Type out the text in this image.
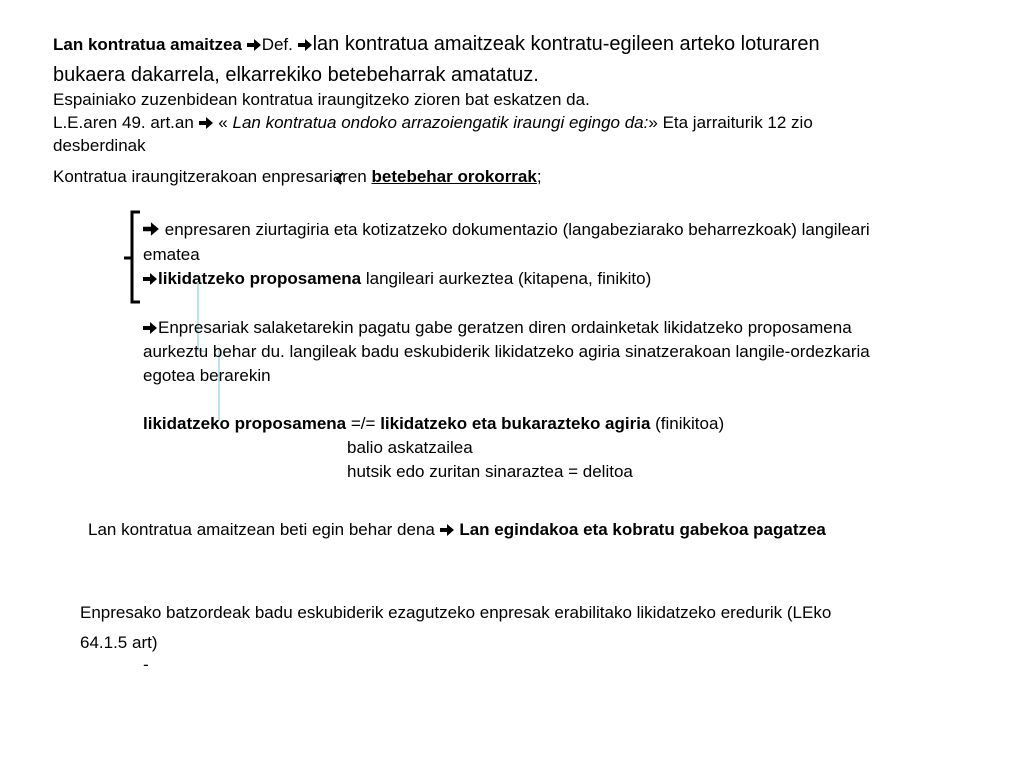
Lan kontratua amaitzea Def. lan kontratua amaitzeak kontratu-egileen arteko loturaren
bukaera dakarrela, elkarrekiko betebeharrak amatatuz.
Espainiako zuzenbidean kontratua iraungitzeko zioren bat eskatzen da.
L.E.aren 49. art.an « Lan kontratua ondoko arrazoiengatik iraungi egingo da:» Eta jarraiturik 12 zio
desberdinak
Kontratua iraungitzerakoan enpresariaren betebehar orokorrak;
enpresaren ziurtagiria eta kotizatzeko dokumentazio (langabeziarako beharrezkoak) langileari
ematea
likidatzeko proposamena langileari aurkeztea (kitapena, finikito)
Enpresariak salaketarekin pagatu gabe geratzen diren ordainketak likidatzeko proposamena
aurkeztu behar du. langileak badu eskubiderik likidatzeko agiria sinatzerakoan langile-ordezkaria
egotea berarekin
likidatzeko proposamena =/= likidatzeko eta bukarazteko agiria (finikitoa)
balio askatzailea
hutsik edo zuritan sinaraztea = delitoa
Lan kontratua amaitzean beti egin behar dena Lan egindakoa eta kobratu gabekoa pagatzea
Enpresako batzordeak badu eskubiderik ezagutzeko enpresak erabilitako likidatzeko eredurik (LEko
64.1.5 art)
-
